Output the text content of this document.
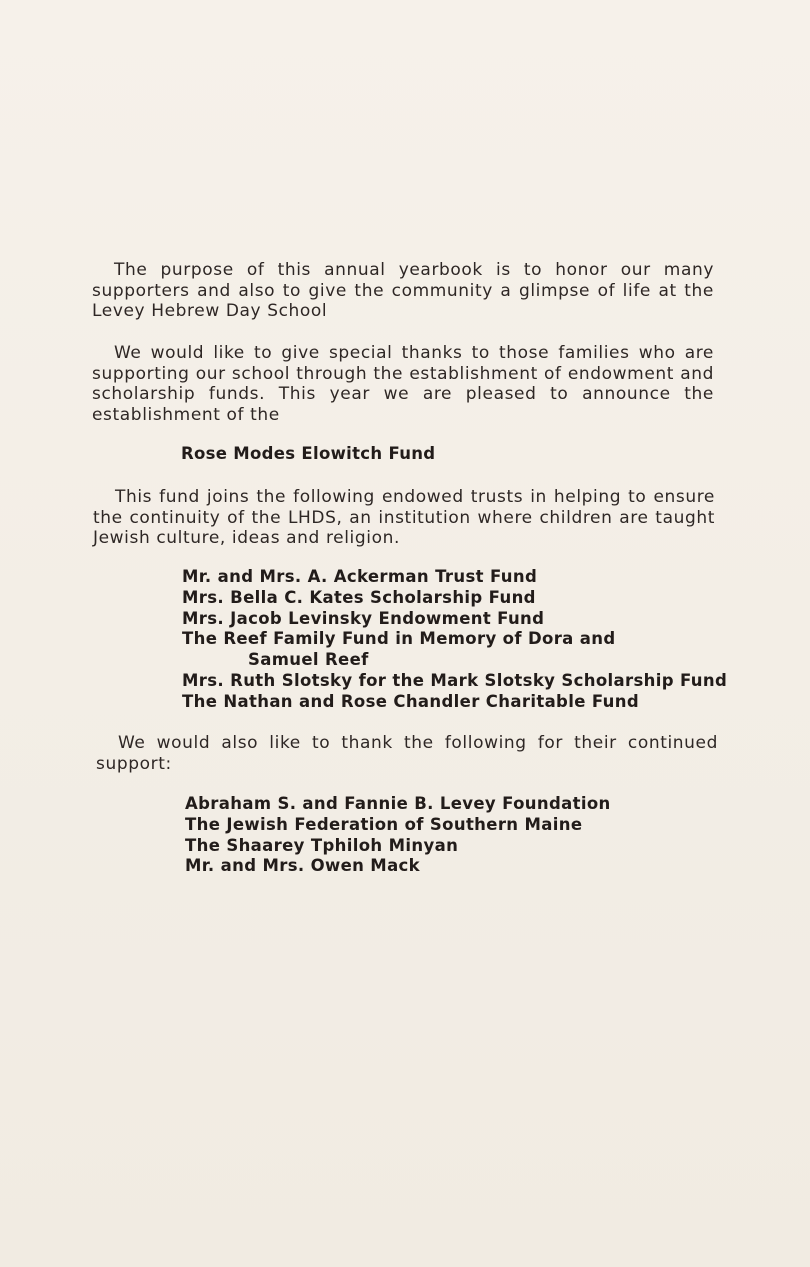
The purpose of this annual yearbook is to honor our many supporters and also to give the community a glimpse of life at the Levey Hebrew Day School

We would like to give special thanks to those families who are supporting our school through the establishment of endowment and scholarship funds. This year we are pleased to announce the establishment of the

Rose Modes Elowitch Fund

This fund joins the following endowed trusts in helping to ensure the continuity of the LHDS, an institution where children are taught Jewish culture, ideas and religion.

Mr. and Mrs. A. Ackerman Trust Fund
Mrs. Bella C. Kates Scholarship Fund
Mrs. Jacob Levinsky Endowment Fund
The Reef Family Fund in Memory of Dora and
Samuel Reef
Mrs. Ruth Slotsky for the Mark Slotsky Scholarship Fund
The Nathan and Rose Chandler Charitable Fund

We would also like to thank the following for their continued support:

Abraham S. and Fannie B. Levey Foundation
The Jewish Federation of Southern Maine
The Shaarey Tphiloh Minyan
Mr. and Mrs. Owen Mack
